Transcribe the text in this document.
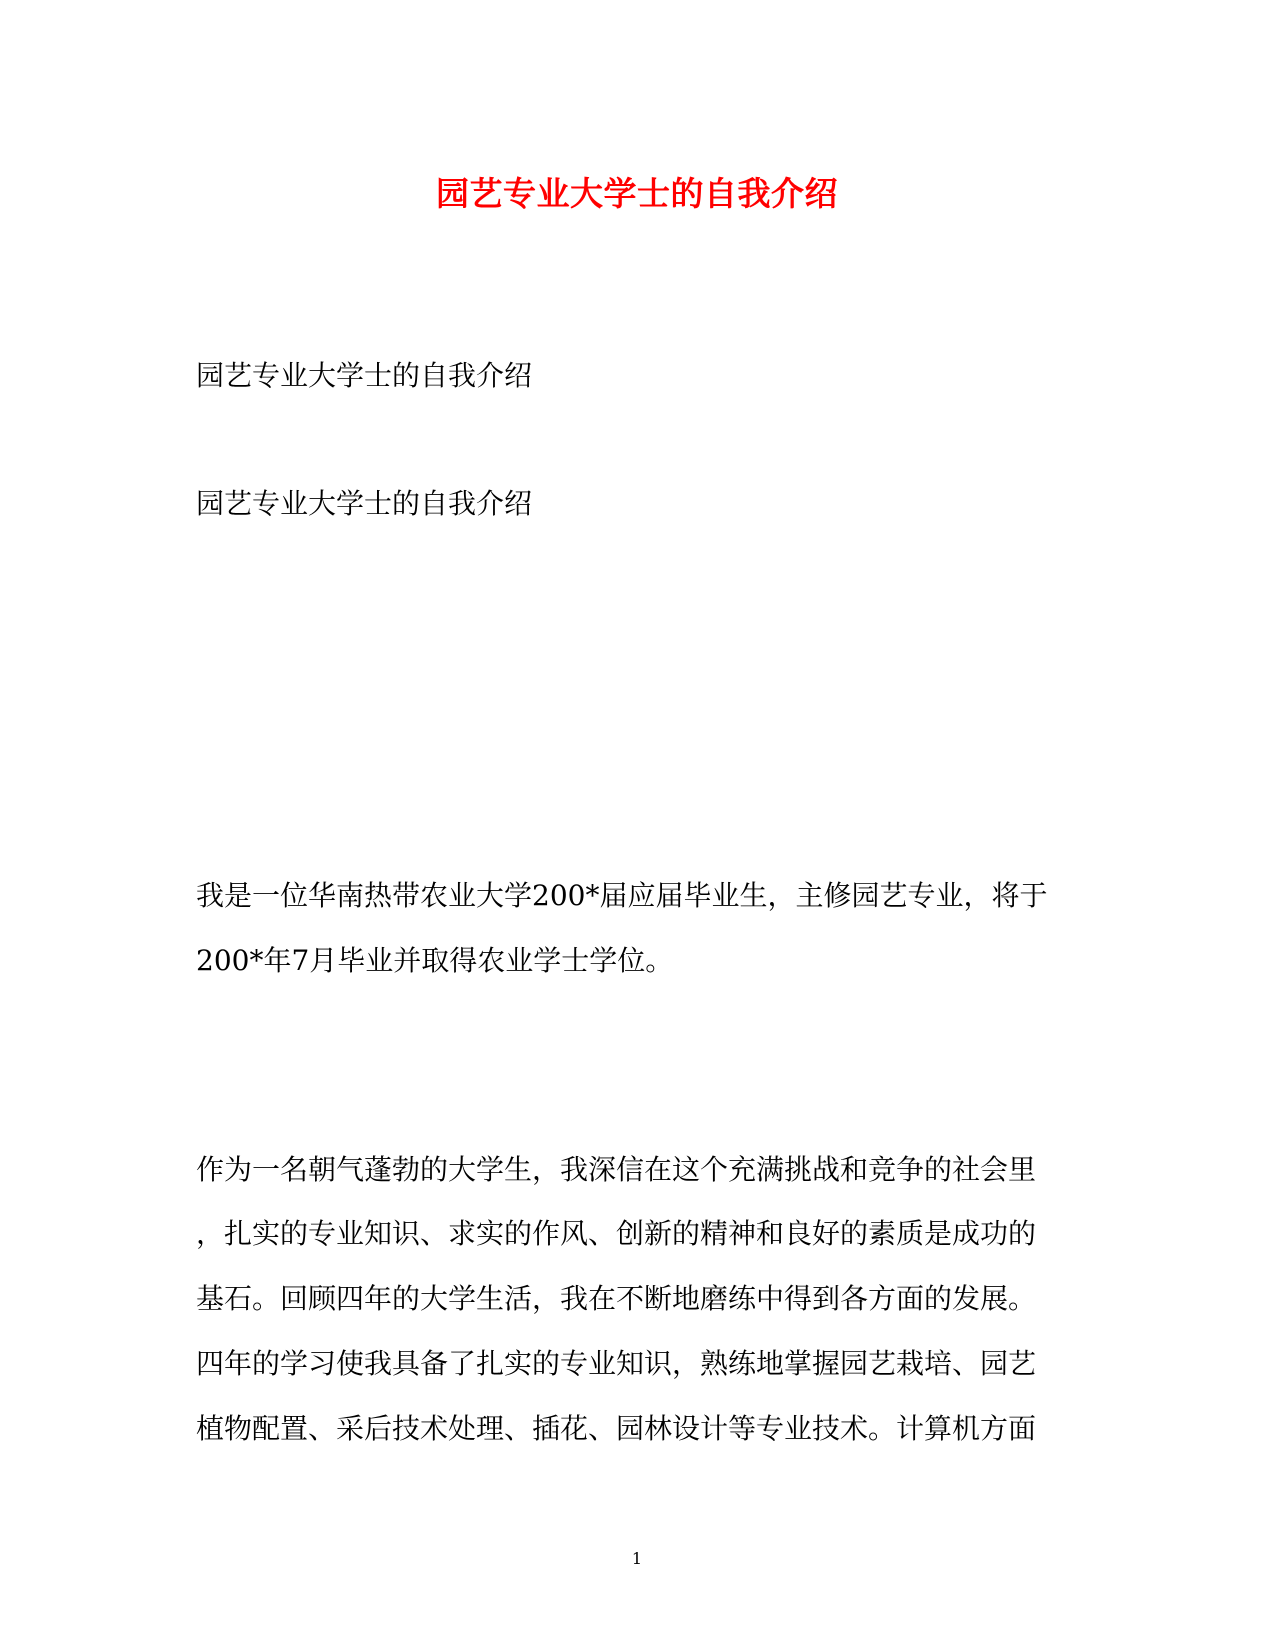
园艺专业大学士的自我介绍
园艺专业大学士的自我介绍
园艺专业大学士的自我介绍
我是一位华南热带农业大学200*届应届毕业生，主修园艺专业，将于
200*年7月毕业并取得农业学士学位。
作为一名朝气蓬勃的大学生，我深信在这个充满挑战和竞争的社会里
，扎实的专业知识、求实的作风、创新的精神和良好的素质是成功的
基石。回顾四年的大学生活，我在不断地磨练中得到各方面的发展。
四年的学习使我具备了扎实的专业知识，熟练地掌握园艺栽培、园艺
植物配置、采后技术处理、插花、园林设计等专业技术。计算机方面
1
